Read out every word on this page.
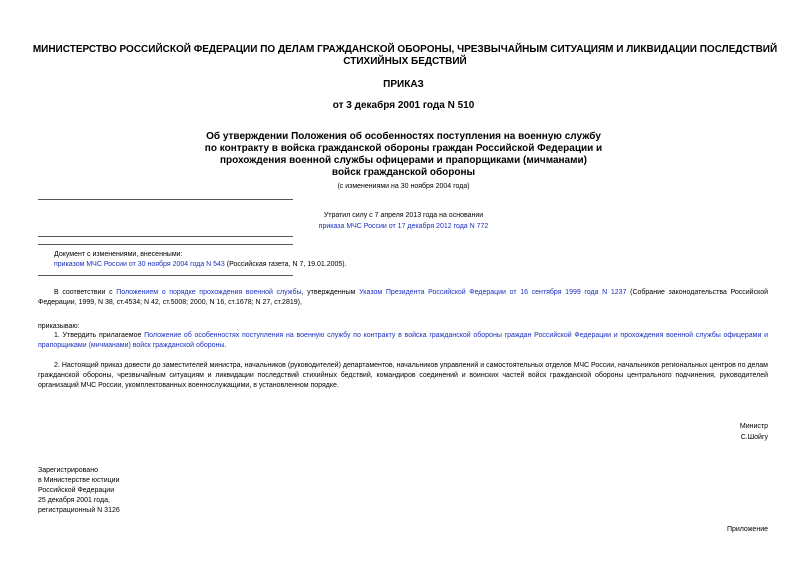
МИНИСТЕРСТВО РОССИЙСКОЙ ФЕДЕРАЦИИ ПО ДЕЛАМ ГРАЖДАНСКОЙ ОБОРОНЫ, ЧРЕЗВЫЧАЙНЫМ СИТУАЦИЯМ И ЛИКВИДАЦИИ ПОСЛЕДСТВИЙ СТИХИЙНЫХ БЕДСТВИЙ
ПРИКАЗ
от 3 декабря 2001 года N 510
Об утверждении Положения об особенностях поступления на военную службу
по контракту в войска гражданской обороны граждан Российской Федерации и
прохождения военной службы офицерами и прапорщиками (мичманами)
войск гражданской обороны
(с изменениями на 30 ноября 2004 года)
Утратил силу с 7 апреля 2013 года на основании
приказа МЧС России от 17 декабря 2012 года N 772
Документ с изменениями, внесенными:
приказом МЧС России от 30 ноября 2004 года N 543 (Российская газета, N 7, 19.01.2005).
В соответствии с Положением о порядке прохождения военной службы, утвержденным Указом Президента Российской Федерации от 16 сентября 1999 года N 1237 (Собрание законодательства Российской Федерации, 1999, N 38, ст.4534; N 42, ст.5008; 2000, N 16, ст.1678; N 27, ст.2819),
приказываю:
1. Утвердить прилагаемое Положение об особенностях поступления на военную службу по контракту в войска гражданской обороны граждан Российской Федерации и прохождения военной службы офицерами и прапорщиками (мичманами) войск гражданской обороны.
2. Настоящий приказ довести до заместителей министра, начальников (руководителей) департаментов, начальников управлений и самостоятельных отделов МЧС России, начальников региональных центров по делам гражданской обороны, чрезвычайным ситуациям и ликвидации последствий стихийных бедствий, командиров соединений и воинских частей войск гражданской обороны центрального подчинения, руководителей организаций МЧС России, укомплектованных военнослужащими, в установленном порядке.
Министр
С.Шойгу
Зарегистрировано
в Министерстве юстиции
Российской Федерации
25 декабря 2001 года,
регистрационный N 3126
Приложение
